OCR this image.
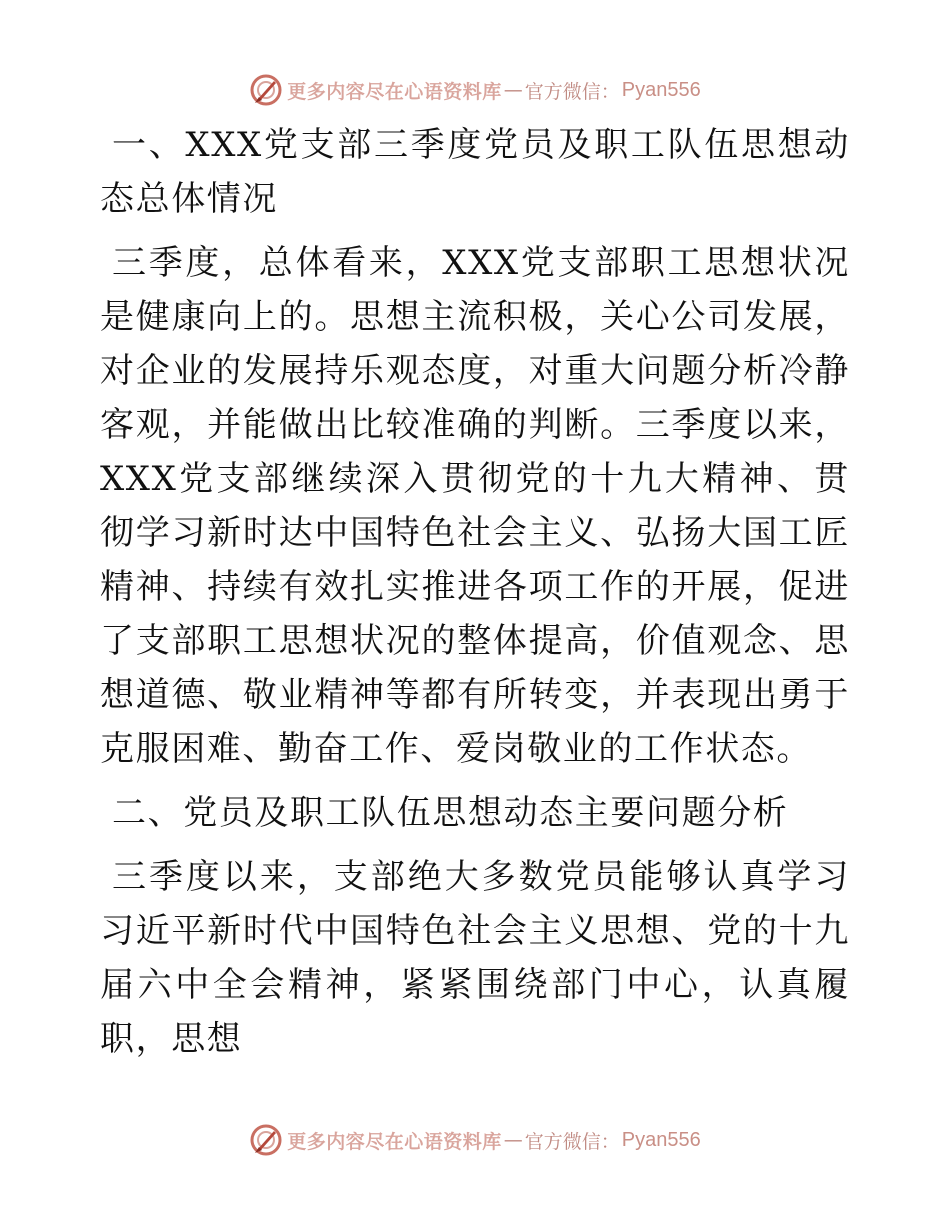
更多内容尽在心语资料库 — 官方微信： Pyan556

一、XXX党支部三季度党员及职工队伍思想动态总体情况

三季度，总体看来，XXX党支部职工思想状况是健康向上的。思想主流积极，关心公司发展，对企业的发展持乐观态度，对重大问题分析冷静客观，并能做出比较准确的判断。三季度以来，XXX党支部继续深入贯彻党的十九大精神、贯彻学习新时达中国特色社会主义、弘扬大国工匠精神、持续有效扎实推进各项工作的开展，促进了支部职工思想状况的整体提高，价值观念、思想道德、敬业精神等都有所转变，并表现出勇于克服困难、勤奋工作、爱岗敬业的工作状态。

二、党员及职工队伍思想动态主要问题分析

三季度以来，支部绝大多数党员能够认真学习习近平新时代中国特色社会主义思想、党的十九届六中全会精神，紧紧围绕部门中心，认真履职，思想

更多内容尽在心语资料库 — 官方微信： Pyan556
